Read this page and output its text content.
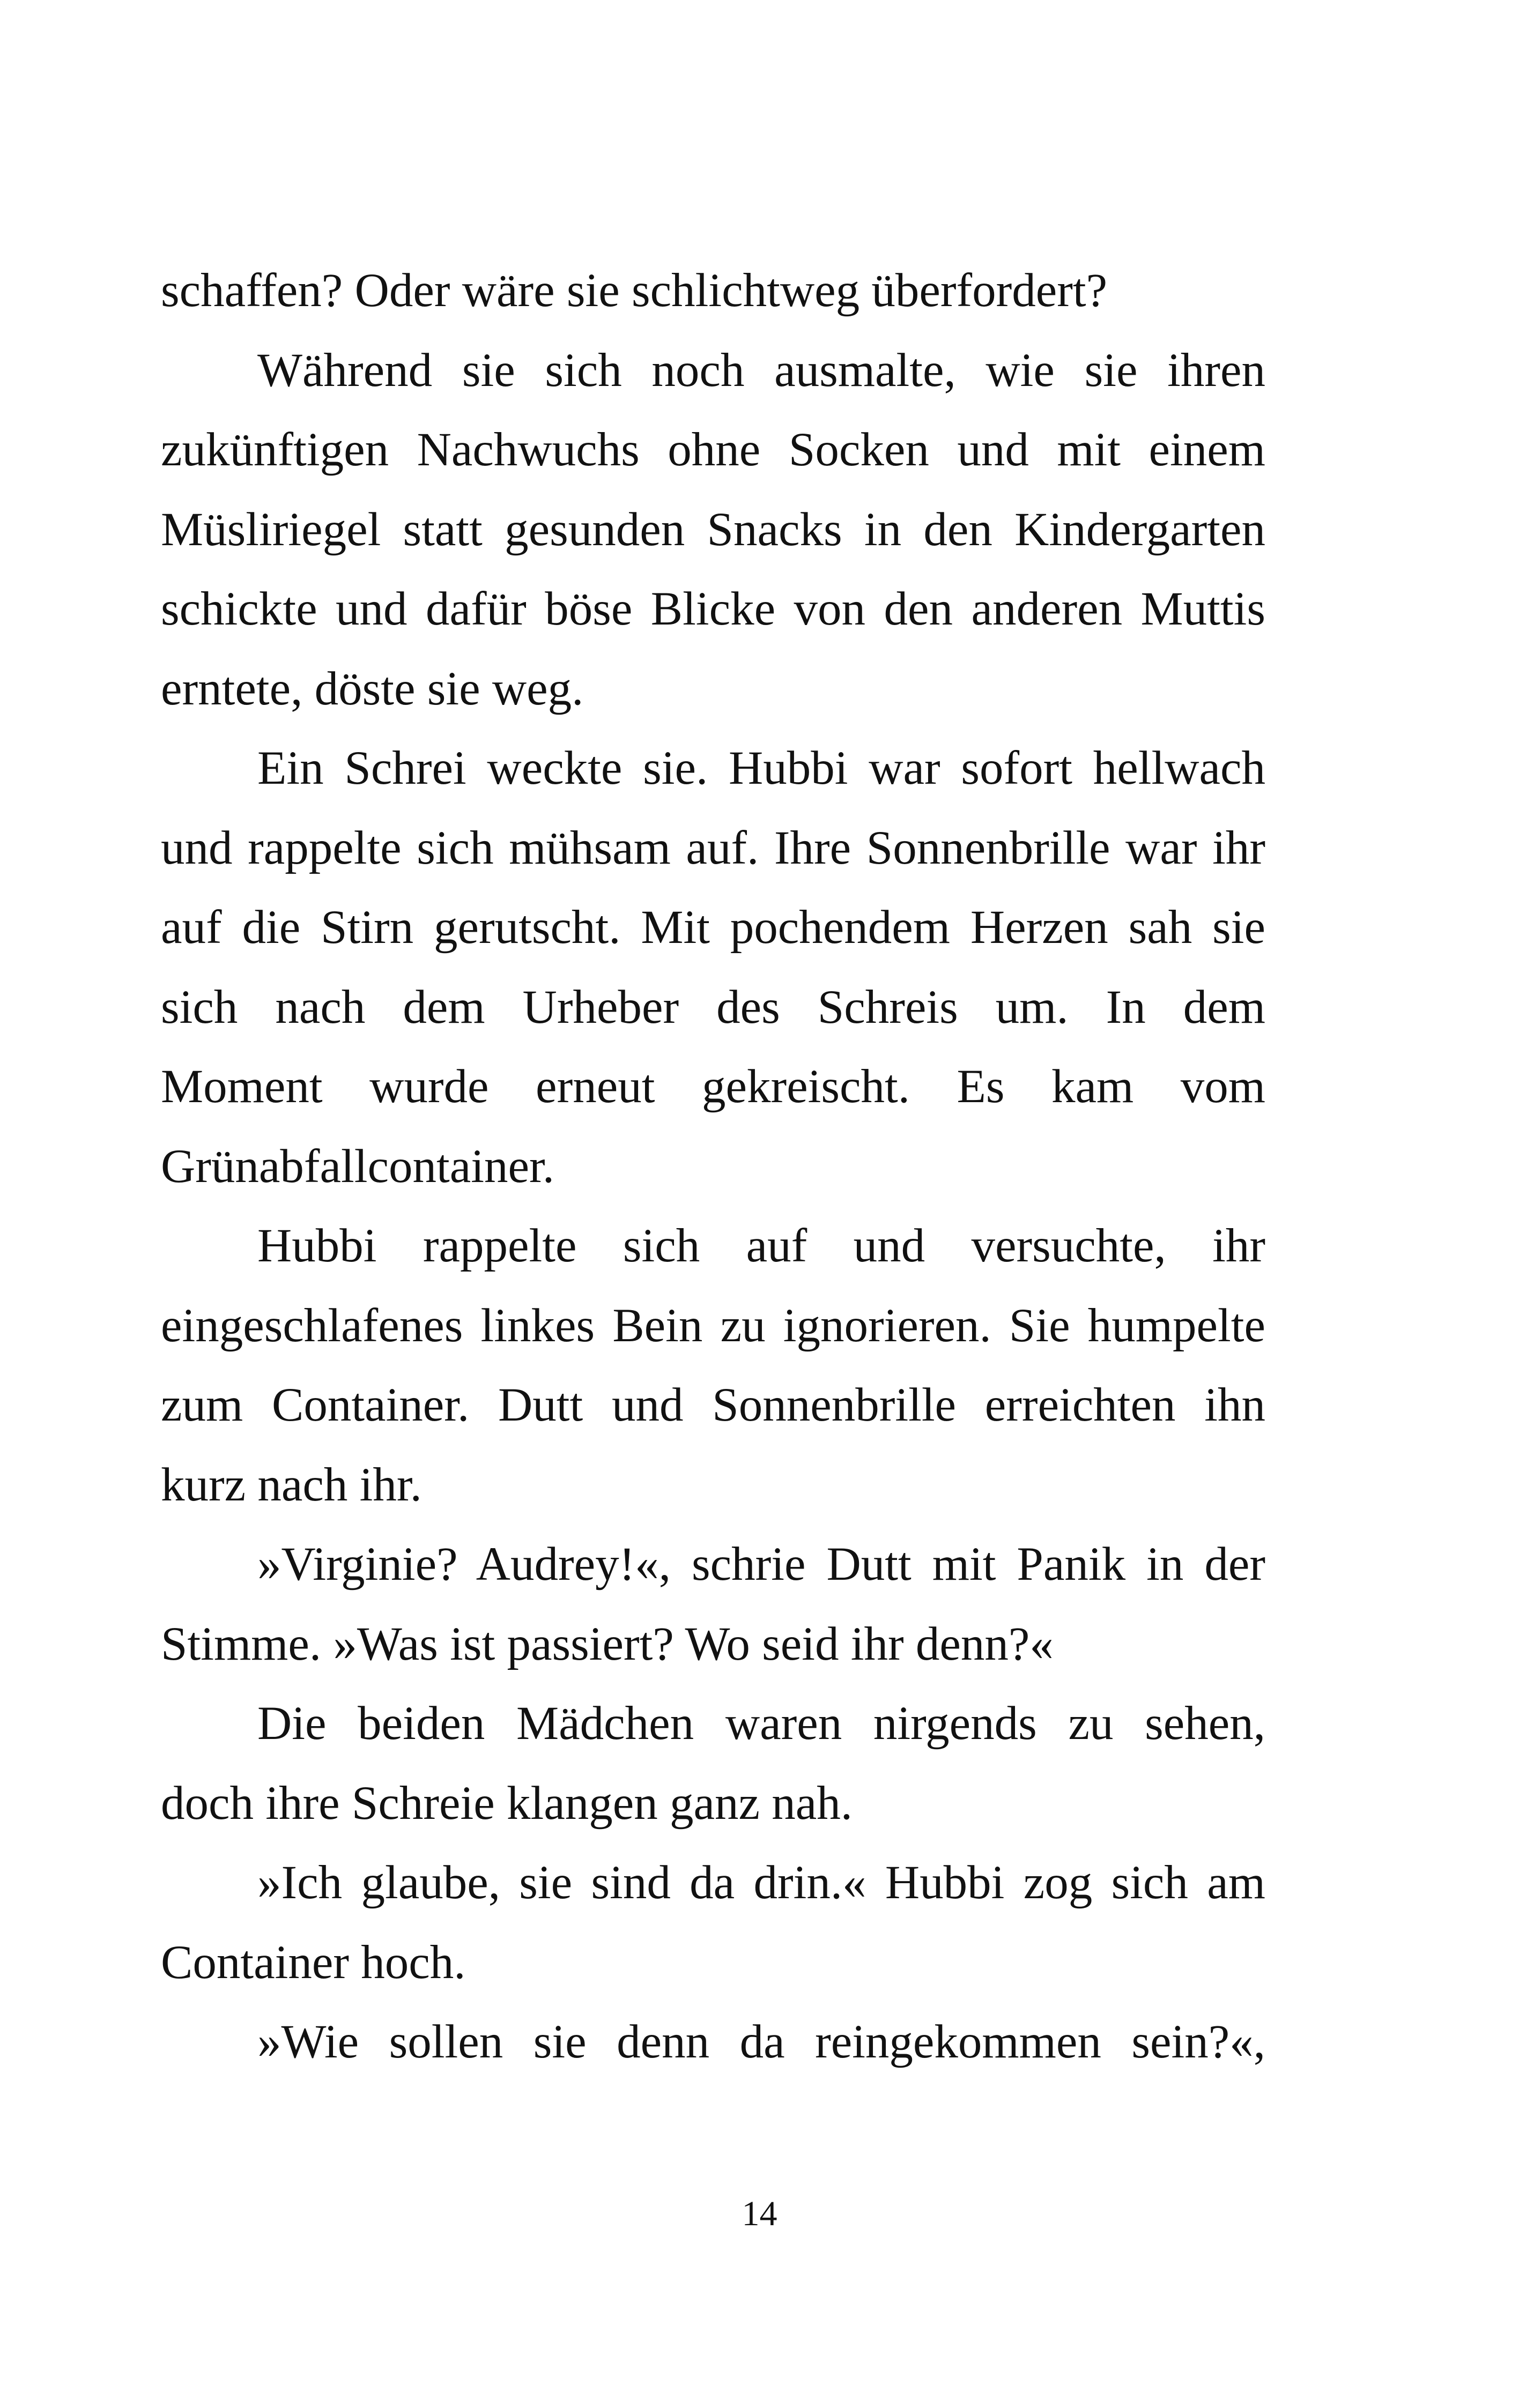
schaffen? Oder wäre sie schlichtweg überfordert?
Während sie sich noch ausmalte, wie sie ihren
zukünftigen Nachwuchs ohne Socken und mit einem
Müsliriegel statt gesunden Snacks in den Kindergarten
schickte und dafür böse Blicke von den anderen Muttis
erntete, döste sie weg.
Ein Schrei weckte sie. Hubbi war sofort hellwach
und rappelte sich mühsam auf. Ihre Sonnenbrille war ihr
auf die Stirn gerutscht. Mit pochendem Herzen sah sie
sich nach dem Urheber des Schreis um. In dem
Moment wurde erneut gekreischt. Es kam vom
Grünabfallcontainer.
Hubbi rappelte sich auf und versuchte, ihr
eingeschlafenes linkes Bein zu ignorieren. Sie humpelte
zum Container. Dutt und Sonnenbrille erreichten ihn
kurz nach ihr.
»Virginie? Audrey!«, schrie Dutt mit Panik in der
Stimme. »Was ist passiert? Wo seid ihr denn?«
Die beiden Mädchen waren nirgends zu sehen,
doch ihre Schreie klangen ganz nah.
»Ich glaube, sie sind da drin.« Hubbi zog sich am
Container hoch.
»Wie sollen sie denn da reingekommen sein?«,
14
